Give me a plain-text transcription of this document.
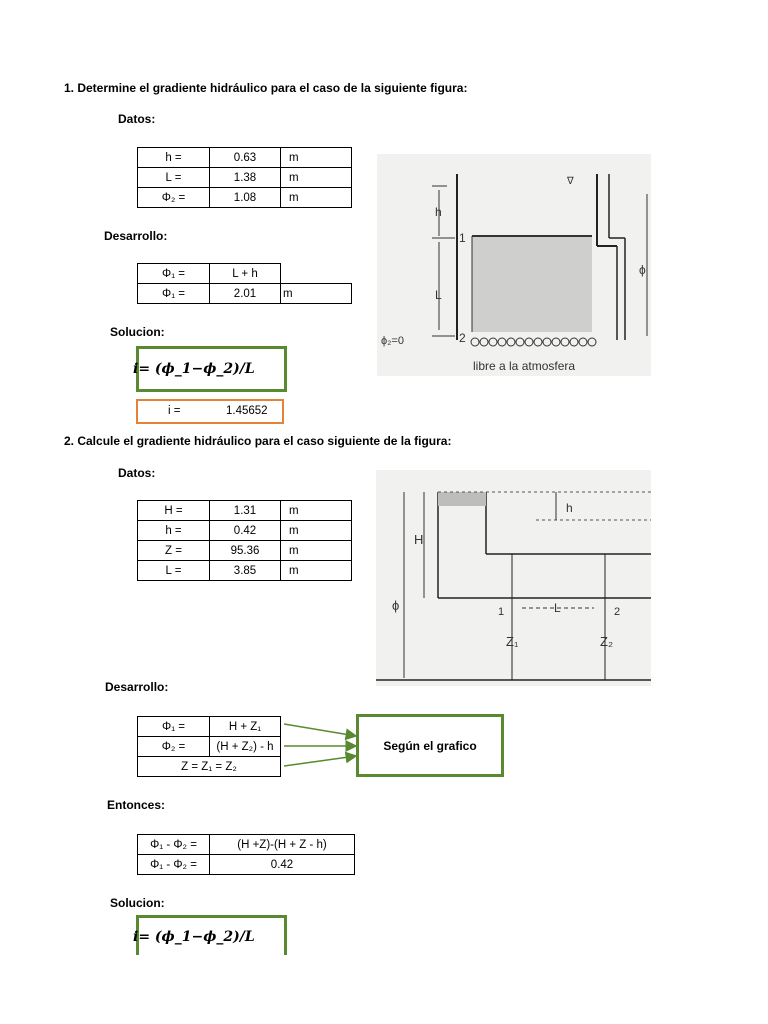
1. Determine el gradiente hidráulico para el caso de la siguiente figura:
Datos:
h =	0.63	m
L =	1.38	m
Φ₂ =	1.08	m
Desarrollo:
Φ₁ =	L + h	
Φ₁ =	2.01	m
Solucion:
i= (ϕ_1−ϕ_2)/L
i =	1.45652
∇
h
L
1
2
ϕ
ϕ₂=0
libre a la atmosfera
2. Calcule el gradiente hidráulico para el caso siguiente de la figura:
Datos:
H =	1.31	m
h =	0.42	m
Z =	95.36	m
L =	3.85	m
h
H
ϕ	L
1	2
Z₁	Z₂
Desarrollo:
Φ₁ =	H + Z₁
Φ₂ =	(H + Z₂) - h
Z = Z₁ = Z₂	
Según el grafico
Entonces:
Φ₁ - Φ₂ =	(H +Z)-(H + Z - h)
Φ₁ - Φ₂ =	0.42
Solucion:
i= (ϕ_1−ϕ_2)/L
